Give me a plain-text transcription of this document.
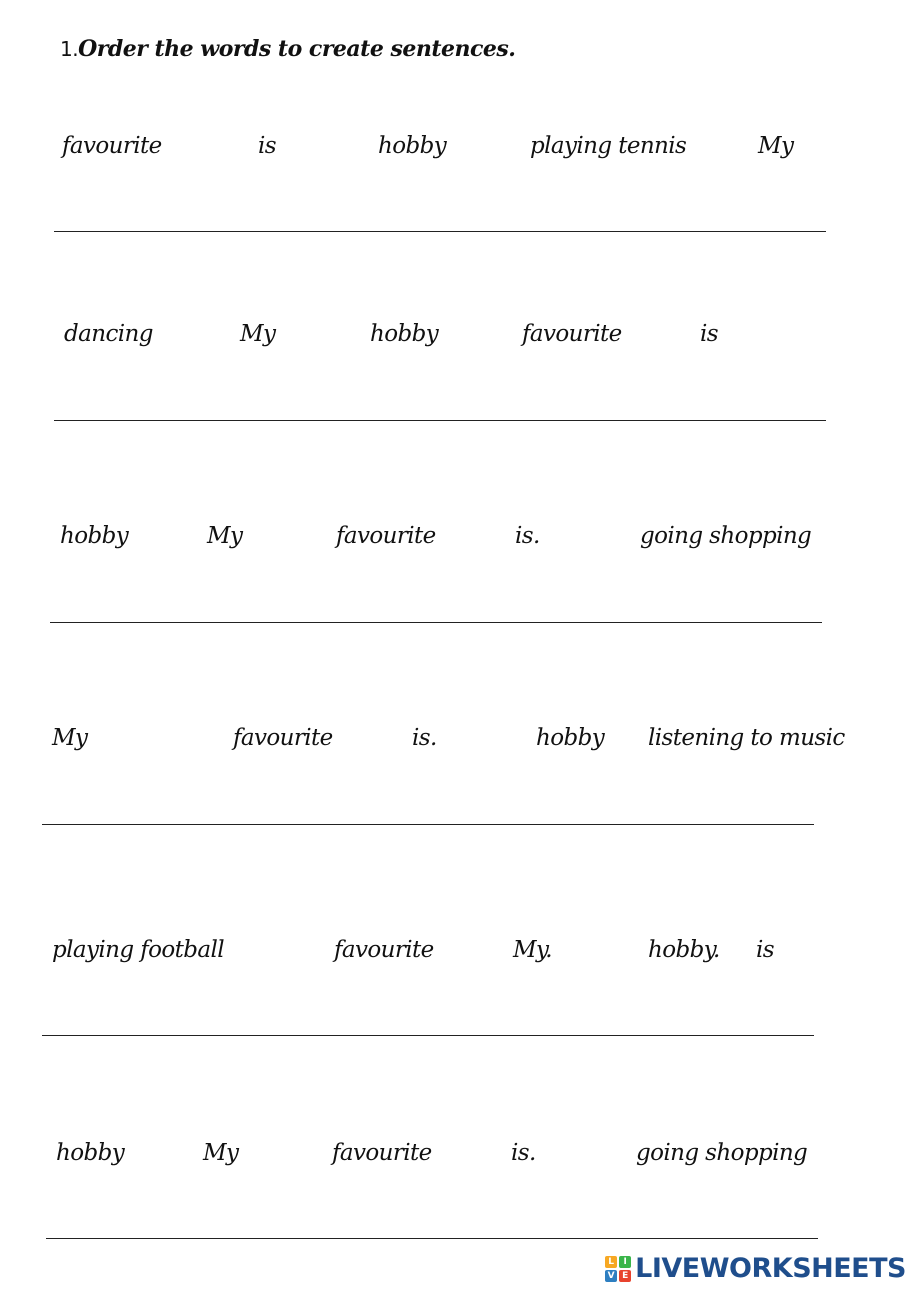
1.Order the words to create sentences.
favourite	is	hobby	playing tennis	My
dancing	My	hobby	favourite	is
hobby	My	favourite	is.	going shopping
My	favourite	is.	hobby listening to music
playing football	favourite	My.	hobby. is
hobby	My	favourite	is.	going shopping
L	I
V E LIVEWORKSHEETS
